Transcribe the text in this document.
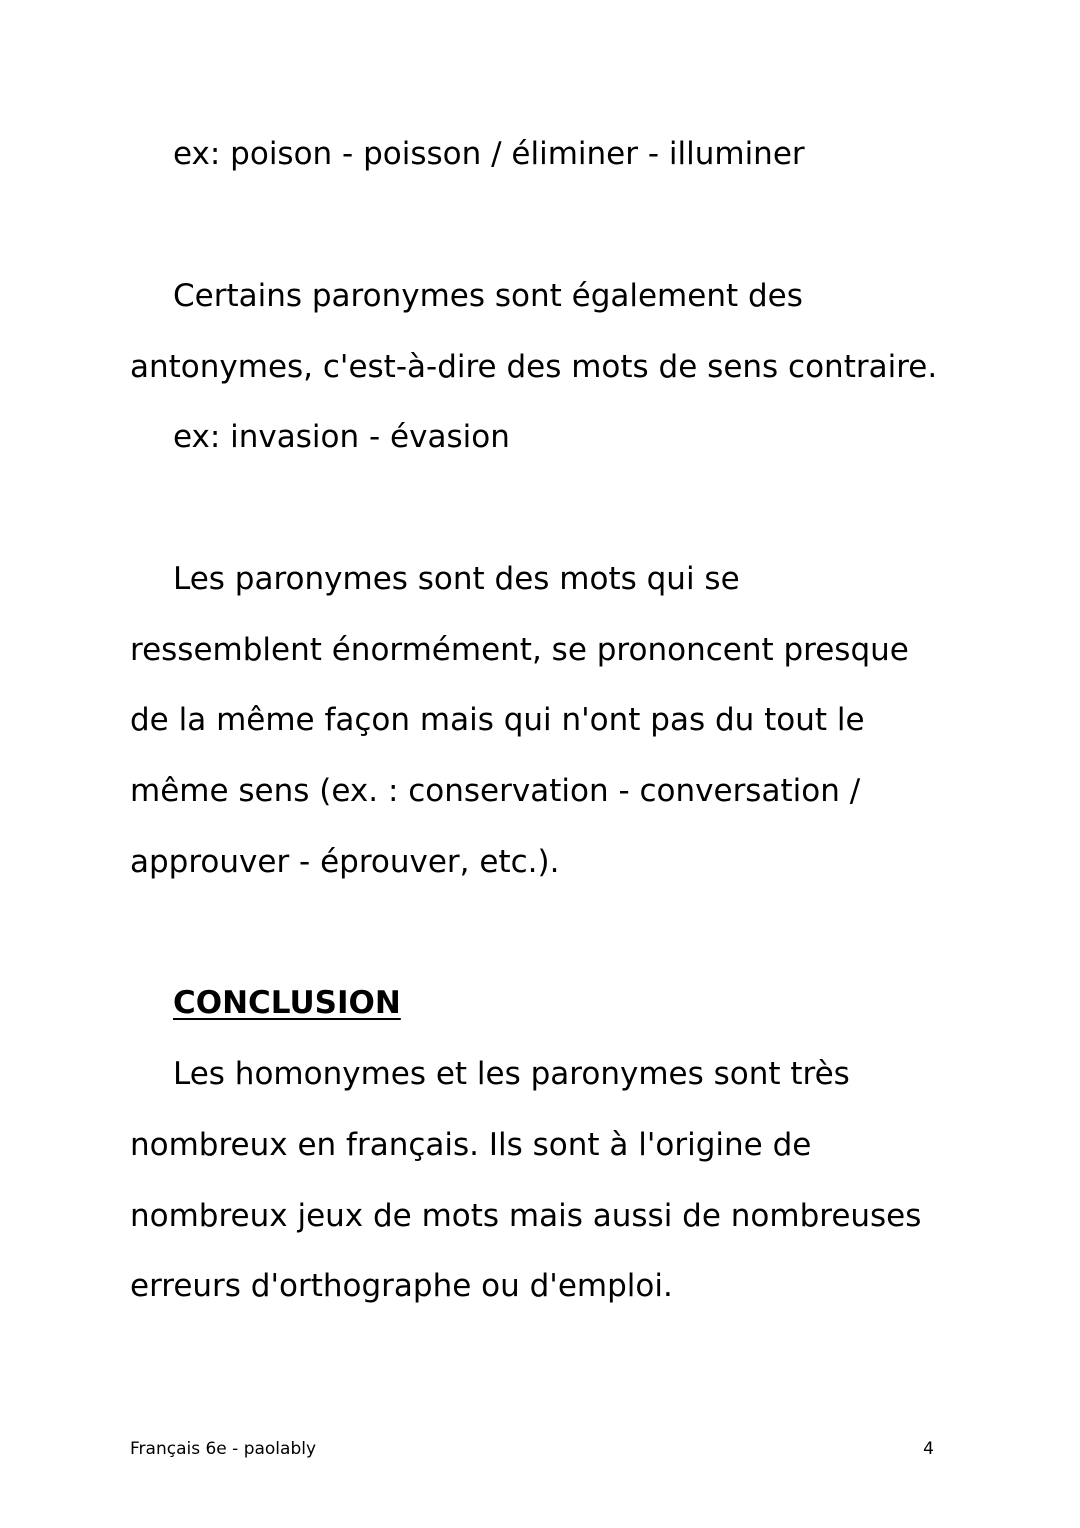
ex: poison - poisson / éliminer - illuminer
Certains paronymes sont également des
antonymes, c'est-à-dire des mots de sens contraire.
ex: invasion - évasion
Les paronymes sont des mots qui se
ressemblent énormément, se prononcent presque
de la même façon mais qui n'ont pas du tout le
même sens (ex. : conservation - conversation /
approuver - éprouver, etc.).
CONCLUSION
Les homonymes et les paronymes sont très
nombreux en français. Ils sont à l'origine de
nombreux jeux de mots mais aussi de nombreuses
erreurs d'orthographe ou d'emploi.
Français 6e - paolably	4
